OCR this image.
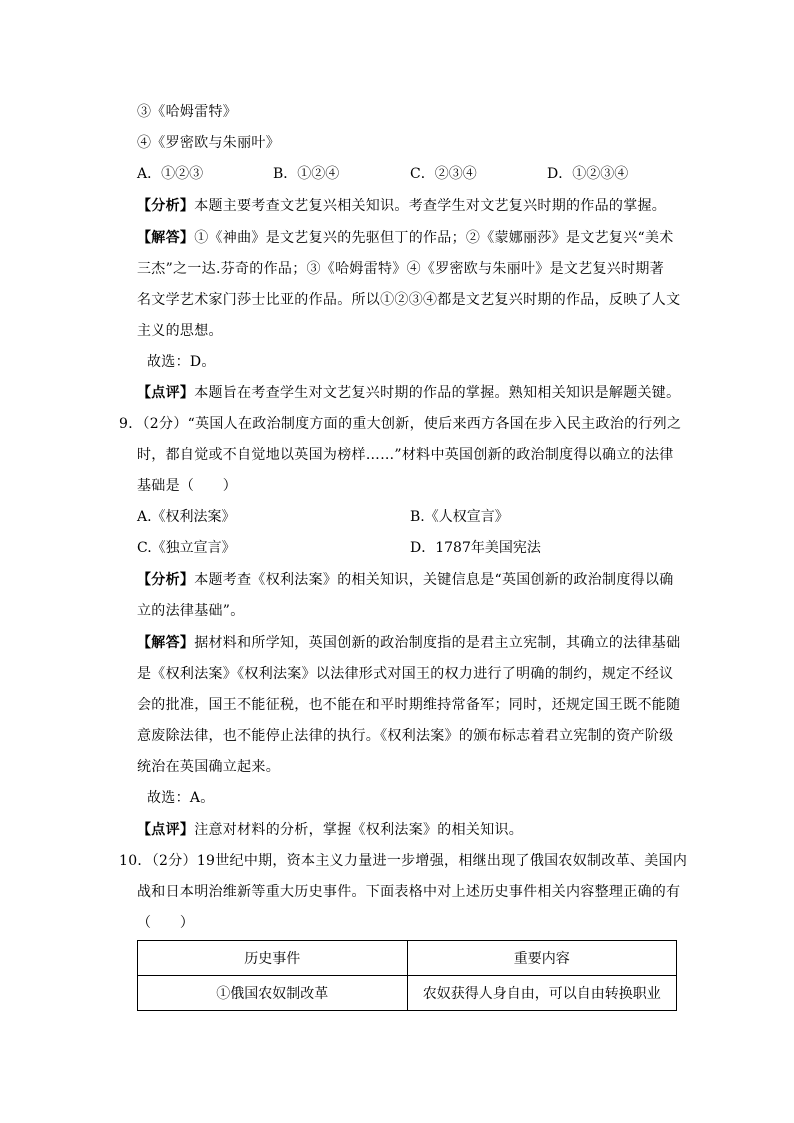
③《哈姆雷特》
④《罗密欧与朱丽叶》
A．①②③	B．①②④	C．②③④	D．①②③④
【分析】本题主要考查文艺复兴相关知识。考查学生对文艺复兴时期的作品的掌握。
【解答】①《神曲》是文艺复兴的先驱但丁的作品；②《蒙娜丽莎》是文艺复兴“美术
三杰”之一达.芬奇的作品；③《哈姆雷特》④《罗密欧与朱丽叶》是文艺复兴时期著
名文学艺术家门莎士比亚的作品。所以①②③④都是文艺复兴时期的作品，反映了人文
主义的思想。
故选：D。
【点评】本题旨在考查学生对文艺复兴时期的作品的掌握。熟知相关知识是解题关键。
9．（2分）“英国人在政治制度方面的重大创新，使后来西方各国在步入民主政治的行列之
时，都自觉或不自觉地以英国为榜样……”材料中英国创新的政治制度得以确立的法律
基础是（　　）
A.《权利法案》	B.《人权宣言》
C.《独立宣言》	D．1787年美国宪法
【分析】本题考查《权利法案》的相关知识，关键信息是“英国创新的政治制度得以确
立的法律基础”。
【解答】据材料和所学知，英国创新的政治制度指的是君主立宪制，其确立的法律基础
是《权利法案》《权利法案》以法律形式对国王的权力进行了明确的制约，规定不经议
会的批准，国王不能征税，也不能在和平时期维持常备军；同时，还规定国王既不能随
意废除法律，也不能停止法律的执行。《权利法案》的颁布标志着君立宪制的资产阶级
统治在英国确立起来。
故选：A。
【点评】注意对材料的分析，掌握《权利法案》的相关知识。
10．（2分）19世纪中期，资本主义力量进一步增强，相继出现了俄国农奴制改革、美国内
战和日本明治维新等重大历史事件。下面表格中对上述历史事件相关内容整理正确的有
（　　）
历史事件	重要内容
①俄国农奴制改革	农奴获得人身自由，可以自由转换职业
